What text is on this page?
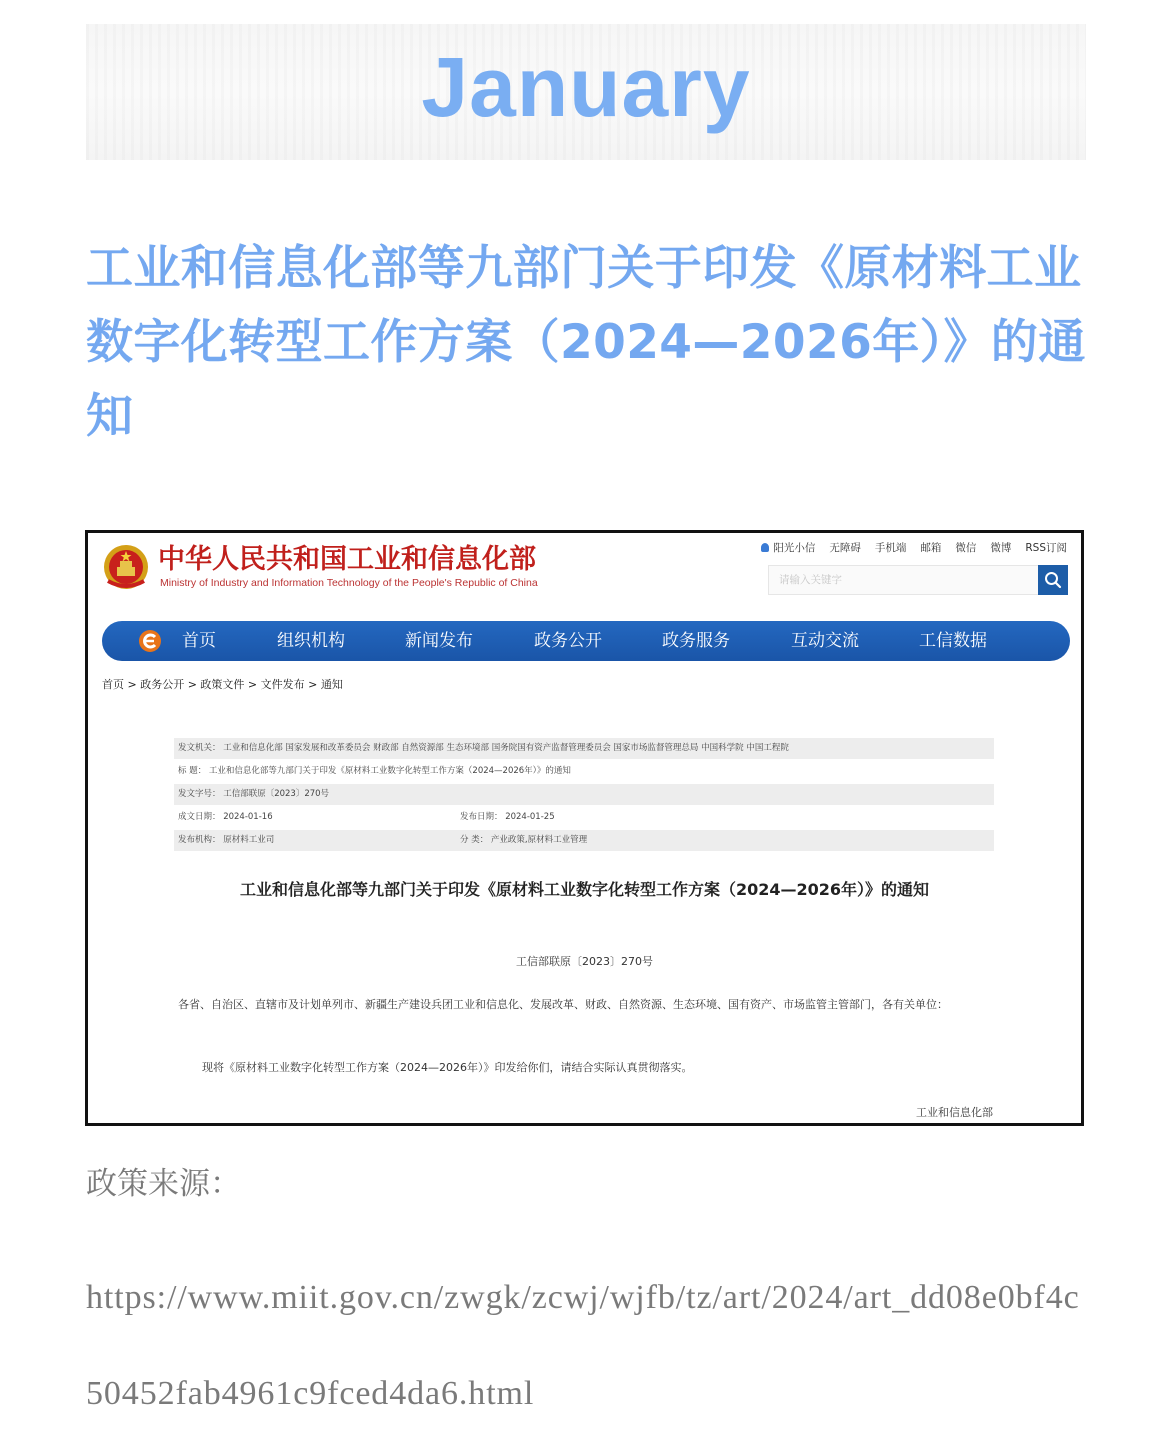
January
工业和信息化部等九部门关于印发《原材料工业数字化转型工作方案（2024—2026年）》的通知
中华人民共和国工业和信息化部
Ministry of Industry and Information Technology of the People's Republic of China
阳光小信 无障碍 手机端 邮箱 微信 微博 RSS订阅
请输入关键字
首页	组织机构	新闻发布	政务公开	政务服务	互动交流	工信数据
首页 > 政务公开 > 政策文件 > 文件发布 > 通知
发文机关： 工业和信息化部 国家发展和改革委员会 财政部 自然资源部 生态环境部 国务院国有资产监督管理委员会 国家市场监督管理总局 中国科学院 中国工程院
标 题： 工业和信息化部等九部门关于印发《原材料工业数字化转型工作方案（2024—2026年）》的通知
发文字号： 工信部联原〔2023〕270号
成文日期： 2024-01-16	发布日期： 2024-01-25
发布机构： 原材料工业司	分 类： 产业政策,原材料工业管理
工业和信息化部等九部门关于印发《原材料工业数字化转型工作方案（2024—2026年）》的通知
工信部联原〔2023〕270号
各省、自治区、直辖市及计划单列市、新疆生产建设兵团工业和信息化、发展改革、财政、自然资源、生态环境、国有资产、市场监管主管部门，各有关单位：
现将《原材料工业数字化转型工作方案（2024—2026年）》印发给你们，请结合实际认真贯彻落实。
工业和信息化部
政策来源：
https://www.miit.gov.cn/zwgk/zcwj/wjfb/tz/art/2024/art_dd08e0bf4c50452fab4961c9fced4da6.html
